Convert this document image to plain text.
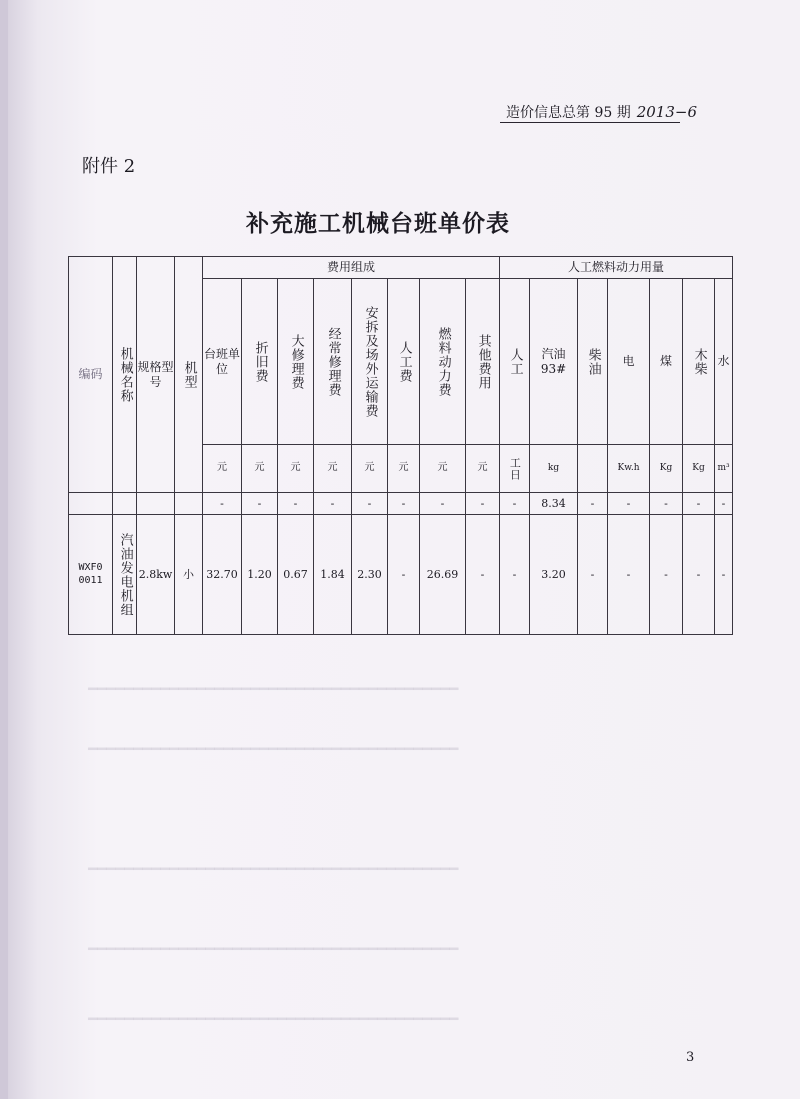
━━━━━━━━━━━━━━━━━━━━━━━━━━━━━━━━━━━━━━━━━
━━━━━━━━━━━━━━━━━━━━━━━━━━━━━━━━━━━━━━━━━
━━━━━━━━━━━━━━━━━━━━━━━━━━━━━━━━━━━━━━━━━
━━━━━━━━━━━━━━━━━━━━━━━━━━━━━━━━━━━━━━━━━
━━━━━━━━━━━━━━━━━━━━━━━━━━━━━━━━━━━━━━━━━
造价信息总第 95 期 2013−6
附件 2
补充施工机械台班单价表
编码	机械名称	规格型号	机型	费用组成								人工燃料动力用量						
				台班单位	折旧费	大修理费	经常修理费	安拆及场外运输费	人工费	燃料动力费	其他费用	人工	汽油93#	柴油	电	煤	木柴	水
				元	元	元	元	元	元	元	元	工日	kg		Kw.h	Kg	Kg	m³
				-	-	-	-	-	-	-	-	-	8.34	-	-	-	-	-
WXF0 0011	汽油发电机组	2.8kw	小	32.70	1.20	0.67	1.84	2.30	-	26.69	-	-	3.20	-	-	-	-	-
3
